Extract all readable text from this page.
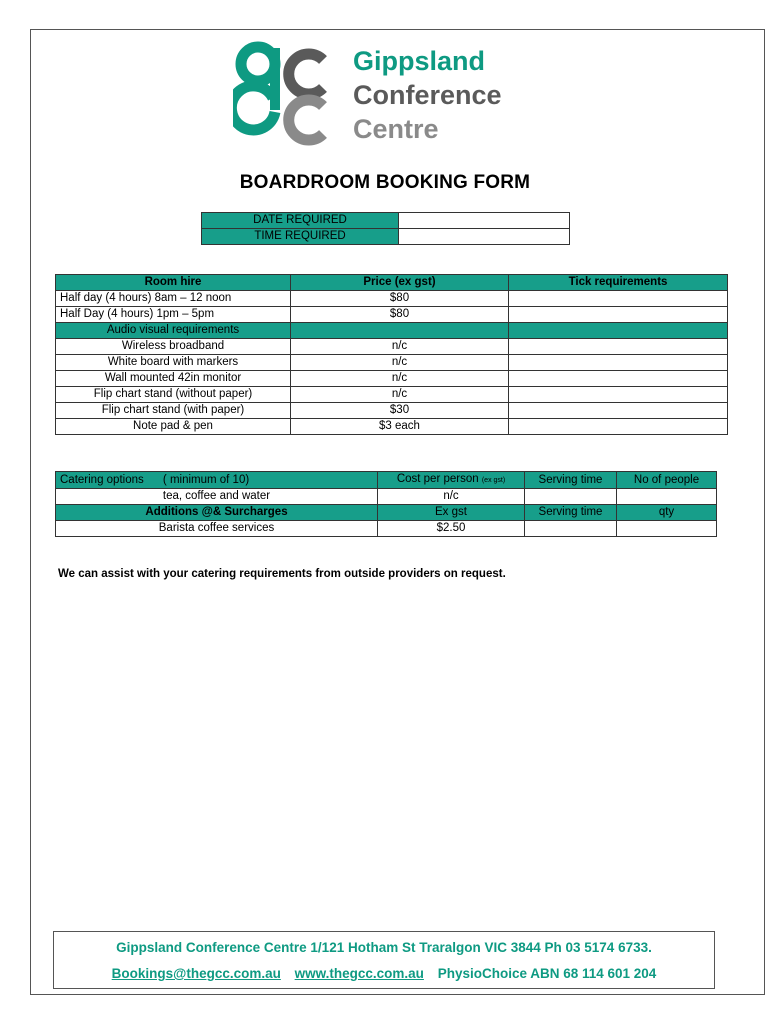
Gippsland
Conference
Centre
BOARDROOM BOOKING FORM
DATE REQUIRED	
TIME REQUIRED	
Room hire	Price (ex gst)	Tick requirements
Half day (4 hours) 8am – 12 noon	$80	
Half Day (4 hours) 1pm – 5pm	$80	
Audio visual requirements		
Wireless broadband	n/c	
White board with markers	n/c	
Wall mounted 42in monitor	n/c	
Flip chart stand (without paper)	n/c	
Flip chart stand (with paper)	$30	
Note pad & pen	$3 each	
Catering options      ( minimum of 10)	Cost per person (ex gst)	Serving time	No of people
tea, coffee and water	n/c		
Additions @& Surcharges	Ex gst	Serving time	qty
Barista coffee services	$2.50		
We can assist with your catering requirements from outside providers on request.
Gippsland Conference Centre 1/121 Hotham St Traralgon VIC 3844 Ph 03 5174 6733.
Bookings@thegcc.com.au www.thegcc.com.au PhysioChoice ABN 68 114 601 204
